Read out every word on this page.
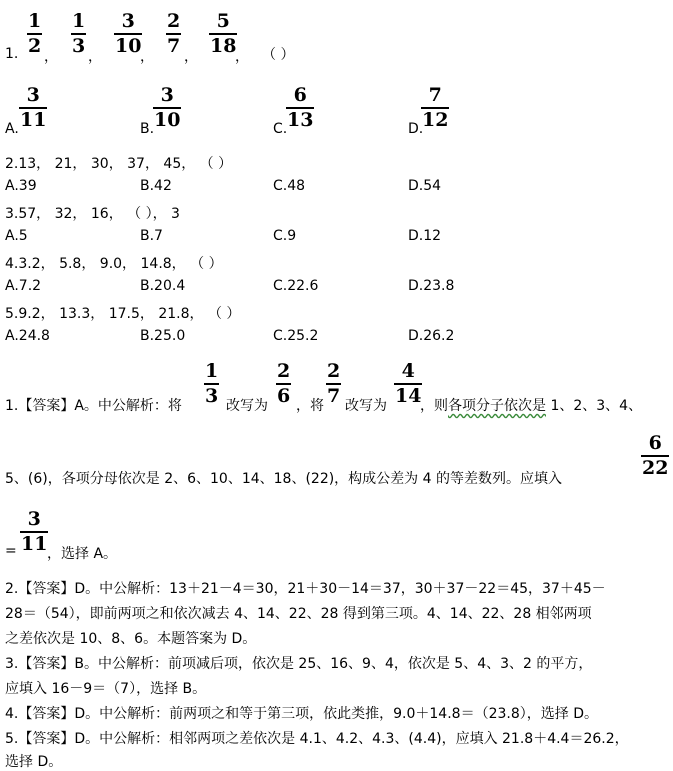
1. $\frac{1}{2}$
，
$\frac{1}{3}$
，
$\frac{3}{10}$
，
$\frac{2}{7}$
，
$\frac{5}{18}$
， （ ）
A. $\frac{3}{11}$	B.
$\frac{3}{10}$	C.
$\frac{6}{13}$	D.
$\frac{7}{12}$
2.13， 21， 30， 37， 45， （ ）
A.39	B.42	C.48	D.54
3.57， 32， 16， （ ）， 3
A.5	B.7	C.9	D.12
4.3.2， 5.8， 9.0， 14.8， （ ）
A.7.2	B.20.4	C.22.6	D.23.8
5.9.2， 13.3， 17.5， 21.8， （ ）
A.24.8	B.25.0	C.25.2	D.26.2
1.【答案】A。中公解析：将 $\frac{1}{3}$ 改写为 $\frac{2}{6}$ ，将 $\frac{2}{7}$ 改写为 $\frac{4}{14}$
，则各项分子依次是 1、2、3、4、
5、(6)，各项分母依次是 2、6、10、14、18、(22)，构成公差为 4 的等差数列。应填入
$\frac{6}{22}$
= $\frac{3}{11}$
，选择 A。
2.【答案】D。中公解析：13＋21－4＝30，21＋30－14＝37，30＋37－22＝45，37＋45－
28＝（54），即前两项之和依次减去 4、14、22、28 得到第三项。4、14、22、28 相邻两项
之差依次是 10、8、6。本题答案为 D。
3.【答案】B。中公解析：前项减后项，依次是 25、16、9、4，依次是 5、4、3、2 的平方，
应填入 16－9＝（7），选择 B。
4.【答案】D。中公解析：前两项之和等于第三项，依此类推，9.0＋14.8＝（23.8），选择 D。
5.【答案】D。中公解析：相邻两项之差依次是 4.1、4.2、4.3、(4.4)，应填入 21.8＋4.4＝26.2，
选择 D。
